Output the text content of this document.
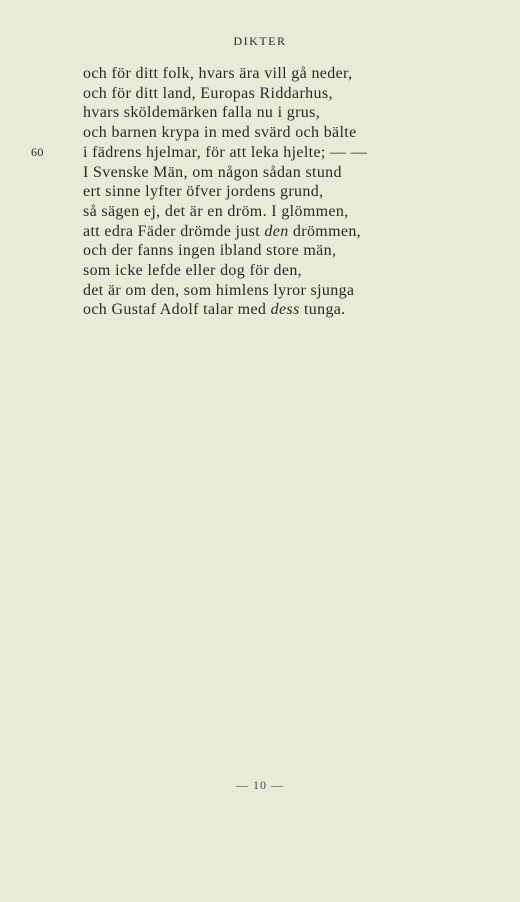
DIKTER
och för ditt folk, hvars ära vill gå neder,
och för ditt land, Europas Riddarhus,
hvars sköldemärken falla nu i grus,
och barnen krypa in med svärd och bälte
60 i fädrens hjelmar, för att leka hjelte; — —
I Svenske Män, om någon sådan stund
ert sinne lyfter öfver jordens grund,
så sägen ej, det är en dröm. I glömmen,
att edra Fäder drömde just den drömmen,
och der fanns ingen ibland store män,
som icke lefde eller dog för den,
det är om den, som himlens lyror sjunga
och Gustaf Adolf talar med dess tunga.
— 10 —
